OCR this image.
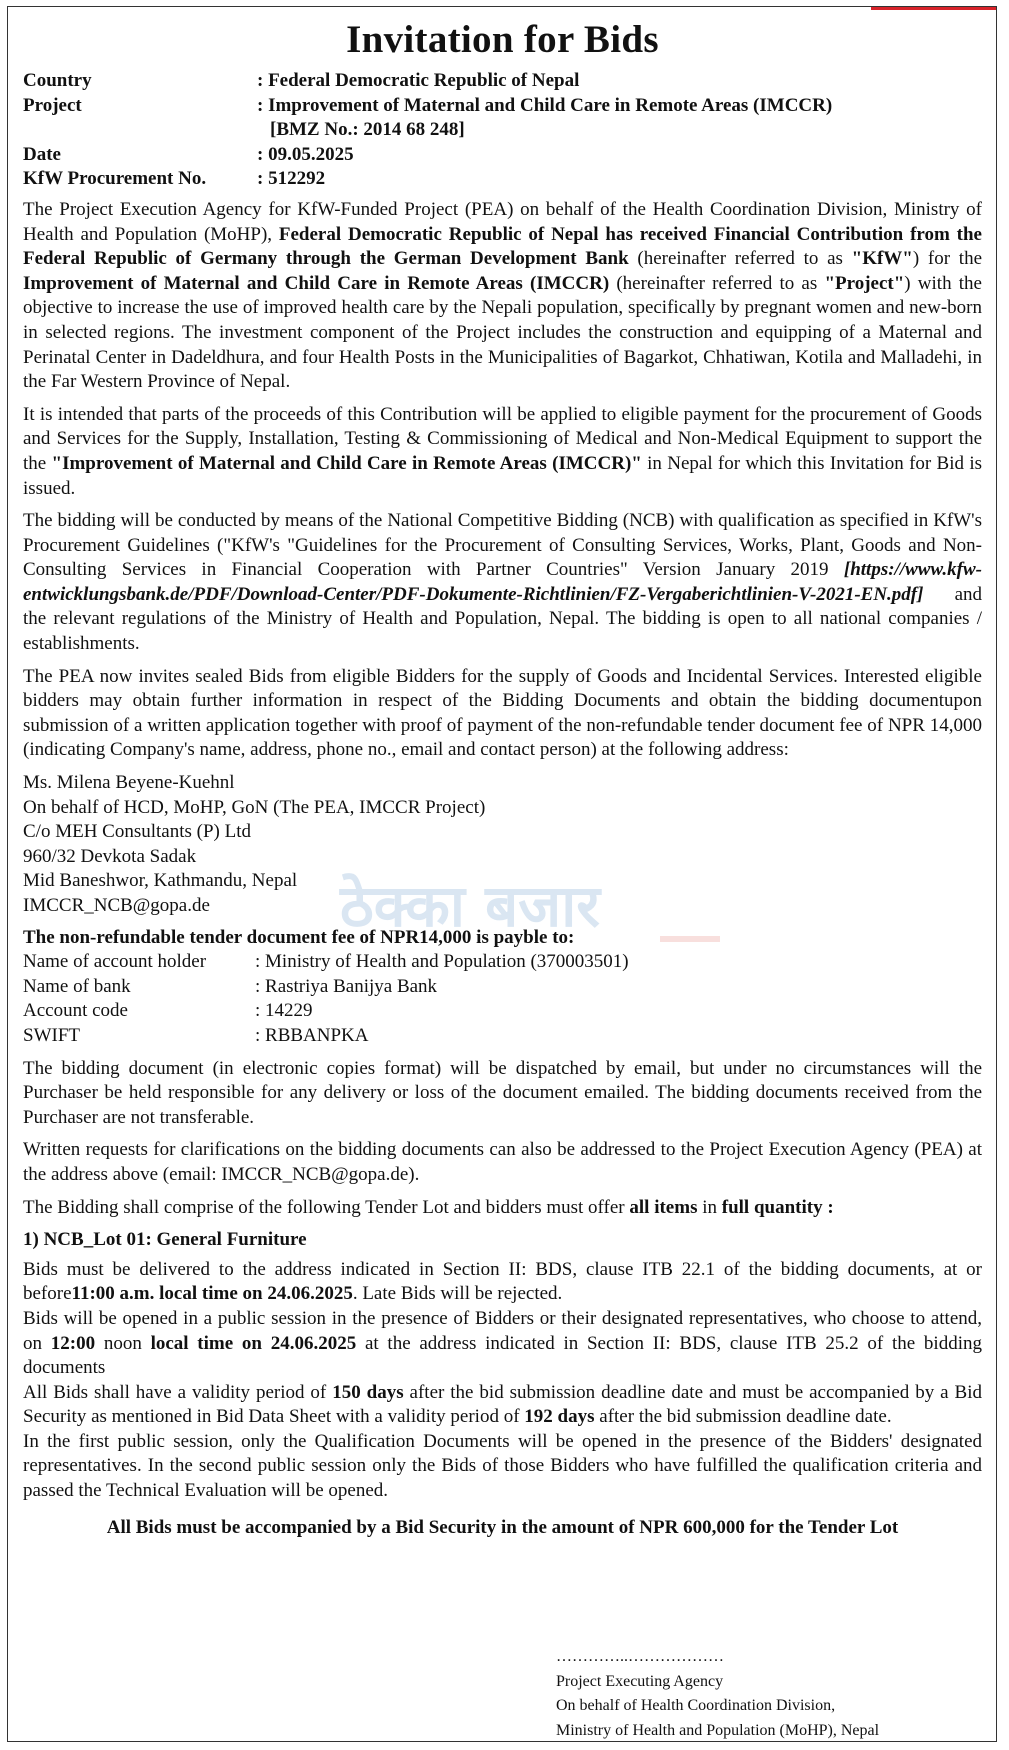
Invitation for Bids
Country	: Federal Democratic Republic of Nepal
Project	: Improvement of Maternal and Child Care in Remote Areas (IMCCR)
[BMZ No.: 2014 68 248]
Date	: 09.05.2025
KfW Procurement No.	: 512292

The Project Execution Agency for KfW-Funded Project (PEA) on behalf of the Health Coordination Division, Ministry of Health and Population (MoHP), Federal Democratic Republic of Nepal has received Financial Contribution from the Federal Republic of Germany through the German Development Bank (hereinafter referred to as "KfW") for the Improvement of Maternal and Child Care in Remote Areas (IMCCR) (hereinafter referred to as "Project") with the objective to increase the use of improved health care by the Nepali population, specifically by pregnant women and new-born in selected regions. The investment component of the Project includes the construction and equipping of a Maternal and Perinatal Center in Dadeldhura, and four Health Posts in the Municipalities of Bagarkot, Chhatiwan, Kotila and Malladehi, in the Far Western Province of Nepal.

It is intended that parts of the proceeds of this Contribution will be applied to eligible payment for the procurement of Goods and Services for the Supply, Installation, Testing & Commissioning of Medical and Non-Medical Equipment to support the the "Improvement of Maternal and Child Care in Remote Areas (IMCCR)" in Nepal for which this Invitation for Bid is issued.

The bidding will be conducted by means of the National Competitive Bidding (NCB) with qualification as specified in KfW's Procurement Guidelines ("KfW's "Guidelines for the Procurement of Consulting Services, Works, Plant, Goods and Non-Consulting Services in Financial Cooperation with Partner Countries" Version January 2019 [https://www.kfw-entwicklungsbank.de/PDF/Download-Center/PDF-Dokumente-Richtlinien/FZ-Vergaberichtlinien-V-2021-EN.pdf] and the relevant regulations of the Ministry of Health and Population, Nepal. The bidding is open to all national companies / establishments.

The PEA now invites sealed Bids from eligible Bidders for the supply of Goods and Incidental Services. Interested eligible bidders may obtain further information in respect of the Bidding Documents and obtain the bidding documentupon submission of a written application together with proof of payment of the non-refundable tender document fee of NPR 14,000 (indicating Company's name, address, phone no., email and contact person) at the following address:

Ms. Milena Beyene-Kuehnl
On behalf of HCD, MoHP, GoN (The PEA, IMCCR Project)
C/o MEH Consultants (P) Ltd
960/32 Devkota Sadak
Mid Baneshwor, Kathmandu, Nepal
IMCCR_NCB@gopa.de
The non-refundable tender document fee of NPR14,000 is payble to:
Name of account holder	: Ministry of Health and Population (370003501)
Name of bank	: Rastriya Banijya Bank
Account code	: 14229
SWIFT	: RBBANPKA

The bidding document (in electronic copies format) will be dispatched by email, but under no circumstances will the Purchaser be held responsible for any delivery or loss of the document emailed. The bidding documents received from the Purchaser are not transferable.

Written requests for clarifications on the bidding documents can also be addressed to the Project Execution Agency (PEA) at the address above (email: IMCCR_NCB@gopa.de).

The Bidding shall comprise of the following Tender Lot and bidders must offer all items in full quantity :

1) NCB_Lot 01: General Furniture

Bids must be delivered to the address indicated in Section II: BDS, clause ITB 22.1 of the bidding documents, at or before11:00 a.m. local time on 24.06.2025. Late Bids will be rejected.

Bids will be opened in a public session in the presence of Bidders or their designated representatives, who choose to attend, on 12:00 noon local time on 24.06.2025 at the address indicated in Section II: BDS, clause ITB 25.2 of the bidding documents

All Bids shall have a validity period of 150 days after the bid submission deadline date and must be accompanied by a Bid Security as mentioned in Bid Data Sheet with a validity period of 192 days after the bid submission deadline date.

In the first public session, only the Qualification Documents will be opened in the presence of the Bidders' designated representatives. In the second public session only the Bids of those Bidders who have fulfilled the qualification criteria and passed the Technical Evaluation will be opened.

All Bids must be accompanied by a Bid Security in the amount of NPR 600,000 for the Tender Lot
…………..………………
Project Executing Agency
On behalf of Health Coordination Division,
Ministry of Health and Population (MoHP), Nepal
ठेक्का बजार
